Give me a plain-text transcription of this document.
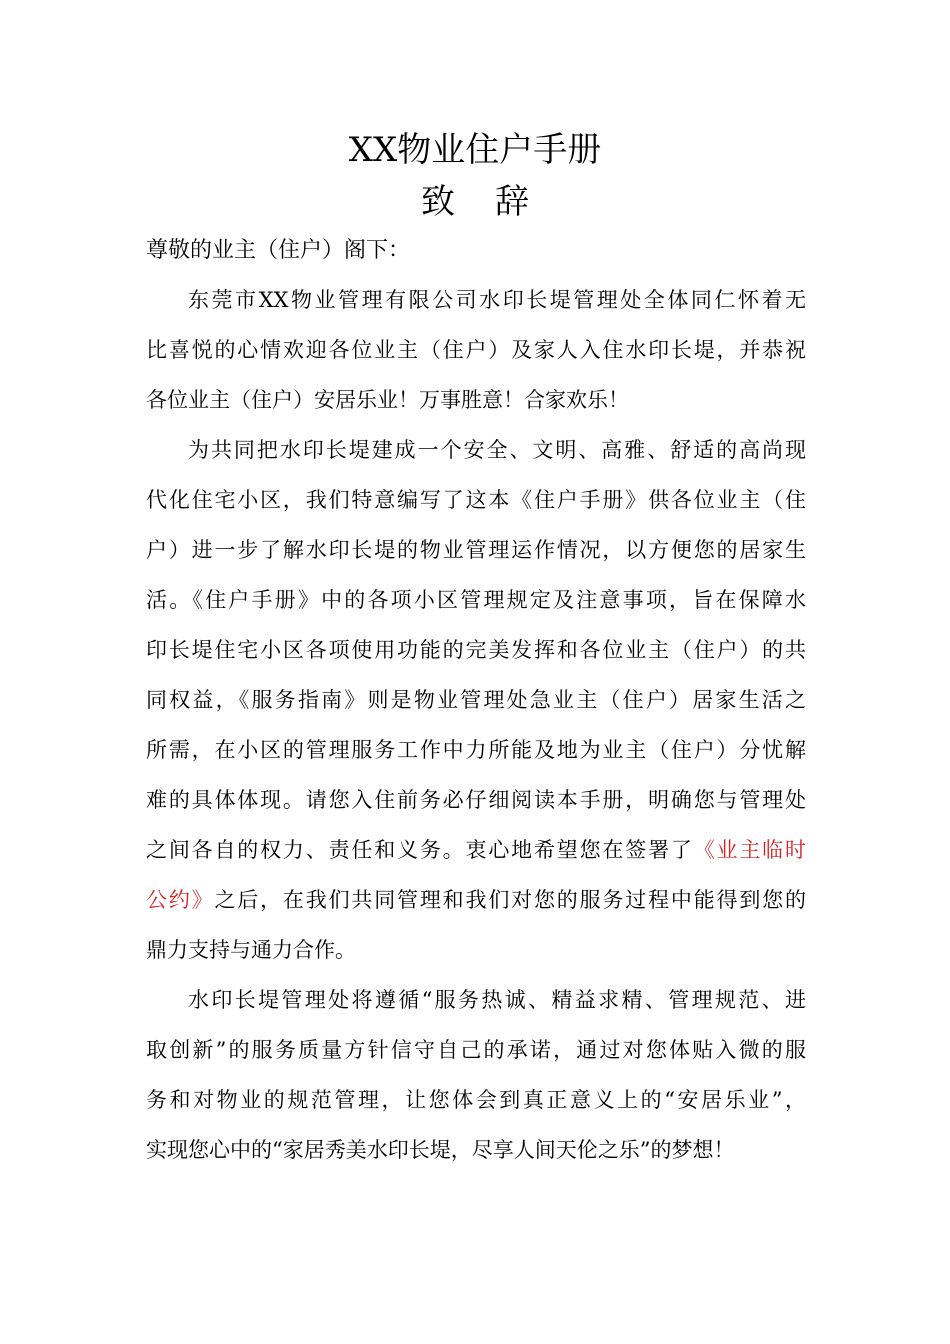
XX物业住户手册
致 辞
尊敬的业主（住户）阁下：
东莞市XX物业管理有限公司水印长堤管理处全体同仁怀着无
比喜悦的心情欢迎各位业主（住户）及家人入住水印长堤，并恭祝
各位业主（住户）安居乐业！万事胜意！合家欢乐！
为共同把水印长堤建成一个安全、文明、高雅、舒适的高尚现
代化住宅小区，我们特意编写了这本《住户手册》供各位业主（住
户）进一步了解水印长堤的物业管理运作情况，以方便您的居家生
活。《住户手册》中的各项小区管理规定及注意事项，旨在保障水
印长堤住宅小区各项使用功能的完美发挥和各位业主（住户）的共
同权益，《服务指南》则是物业管理处急业主（住户）居家生活之
所需，在小区的管理服务工作中力所能及地为业主（住户）分忧解
难的具体体现。请您入住前务必仔细阅读本手册，明确您与管理处
之间各自的权力、责任和义务。衷心地希望您在签署了《业主临时
公约》之后，在我们共同管理和我们对您的服务过程中能得到您的
鼎力支持与通力合作。
水印长堤管理处将遵循“服务热诚、精益求精、管理规范、进
取创新”的服务质量方针信守自己的承诺，通过对您体贴入微的服
务和对物业的规范管理，让您体会到真正意义上的“安居乐业”，
实现您心中的“家居秀美水印长堤，尽享人间天伦之乐”的梦想！
